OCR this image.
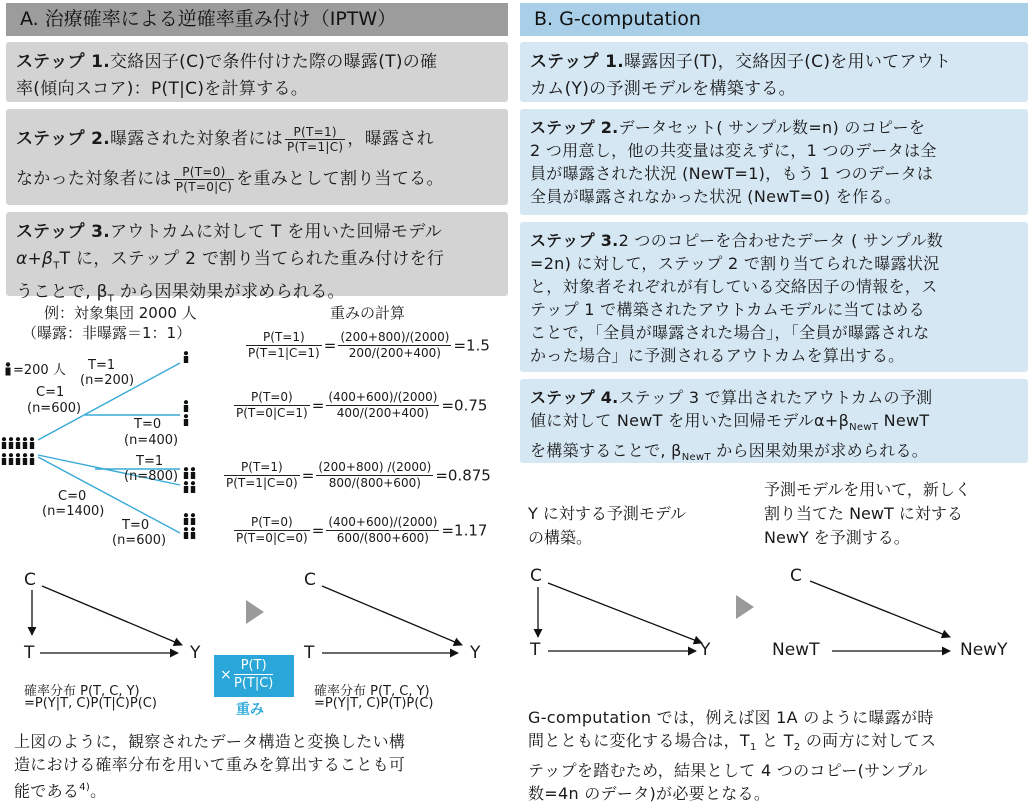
A. 治療確率による逆確率重み付け（IPTW）
ステップ 1.交絡因子(C)で条件付けた際の曝露(T)の確
率(傾向スコア)：P(T|C)を計算する。
ステップ 2.曝露された対象者には $\frac{P(T=1)}{P(T=1|C)}$ ，曝露され
なかった対象者には $\frac{P(T=0)}{P(T=0|C)}$ を重みとして割り当てる。
ステップ 3.アウトカムに対して T を用いた回帰モデル
$\alpha+\beta_TT$ に，ステップ 2 で割り当てられた重み付けを行
うことで, $\beta_T$ から因果効果が求められる。
例：対象集団 2000 人
（曝露：非曝露＝1：1）
=200 人 T=1
(n=200)
C=1
(n=600)
T=0
(n=400)
T=1
(n=800)
C=0
(n=1400)
T=0
(n=600)
重みの計算
$\frac{P(T=1)}{P(T=1|C=1)} = \frac{(200+800)/(2000)}{200/(200+400)} =1.5$
$\frac{P(T=0)}{P(T=0|C=1)} = \frac{(400+600)/(2000)}{400/(200+400)} =0.75$
$\frac{P(T=1)}{P(T=1|C=0)} = \frac{(200+800) /(2000)}{800/(800+600)} =0.875$
$\frac{P(T=0)}{P(T=0|C=0)} = \frac{(400+600)/(2000)}{600/(800+600)} =1.17$
C
T	Y
確率分布 P(T, C, Y)
=P(Y|T, C)P(T|C)P(C)
× $\frac{P(T)}{P(T|C)}$
重み
C
T	Y
確率分布 P(T, C, Y)
=P(Y|T, C)P(T)P(C)
上図のように，観察されたデータ構造と変換したい構
造における確率分布を用いて重みを算出することも可
能である$^{4)}$。
B. G-computation
ステップ 1.曝露因子(T)，交絡因子(C)を用いてアウト
カム(Y)の予測モデルを構築する。
ステップ 2.データセット( サンプル数=n) のコピーを
2 つ用意し，他の共変量は変えずに，1 つのデータは全
員が曝露された状況 (NewT=1)，もう 1 つのデータは
全員が曝露されなかった状況 (NewT=0) を作る。
ステップ 3.2 つのコピーを合わせたデータ ( サンプル数
=2n) に対して，ステップ 2 で割り当てられた曝露状況
と，対象者それぞれが有している交絡因子の情報を，ス
テップ 1 で構築されたアウトカムモデルに当てはめる
ことで，「全員が曝露された場合」，「全員が曝露されな
かった場合」に予測されるアウトカムを算出する。
ステップ 4.ステップ 3 で算出されたアウトカムの予測
値に対して NewT を用いた回帰モデル$\alpha+\beta_{NewT}$ NewT
を構築することで, $\beta_{NewT}$ から因果効果が求められる。
Y に対する予測モデル
の構築。
予測モデルを用いて，新しく
割り当てた NewT に対する
NewY を予測する。
C
T	Y
C
NewT	NewY
G-computation では，例えば図 1A のように曝露が時
間とともに変化する場合は，$T_1$ と $T_2$ の両方に対してス
テップを踏むため，結果として 4 つのコピー(サンプル
数=4n のデータ)が必要となる。
